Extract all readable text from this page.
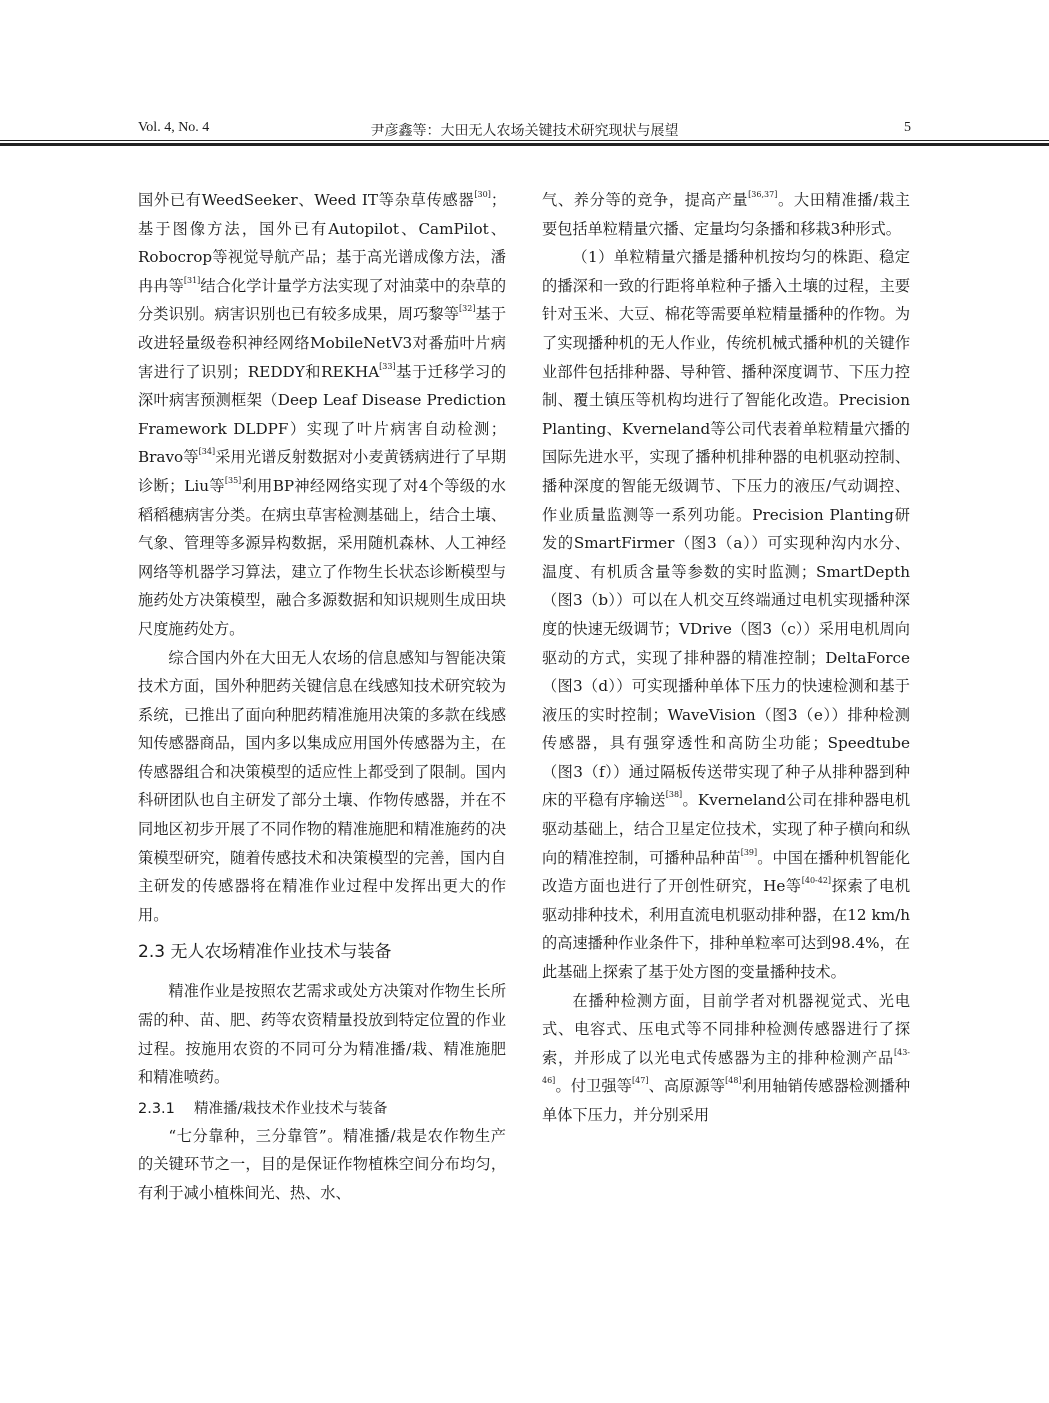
Vol. 4, No. 4	尹彦鑫等：大田无人农场关键技术研究现状与展望	5

国外已有WeedSeeker、Weed IT等杂草传感器[30]；基于图像方法，国外已有Autopilot、CamPilot、Robocrop等视觉导航产品；基于高光谱成像方法，潘冉冉等[31]结合化学计量学方法实现了对油菜中的杂草的分类识别。病害识别也已有较多成果，周巧黎等[32]基于改进轻量级卷积神经网络MobileNetV3对番茄叶片病害进行了识别；REDDY和REKHA[33]基于迁移学习的深叶病害预测框架（Deep Leaf Disease Prediction Framework DLDPF）实现了叶片病害自动检测；Bravo等[34]采用光谱反射数据对小麦黄锈病进行了早期诊断；Liu等[35]利用BP神经网络实现了对4个等级的水稻稻穗病害分类。在病虫草害检测基础上，结合土壤、气象、管理等多源异构数据，采用随机森林、人工神经网络等机器学习算法，建立了作物生长状态诊断模型与施药处方决策模型，融合多源数据和知识规则生成田块尺度施药处方。

综合国内外在大田无人农场的信息感知与智能决策技术方面，国外种肥药关键信息在线感知技术研究较为系统，已推出了面向种肥药精准施用决策的多款在线感知传感器商品，国内多以集成应用国外传感器为主，在传感器组合和决策模型的适应性上都受到了限制。国内科研团队也自主研发了部分土壤、作物传感器，并在不同地区初步开展了不同作物的精准施肥和精准施药的决策模型研究，随着传感技术和决策模型的完善，国内自主研发的传感器将在精准作业过程中发挥出更大的作用。

2.3 无人农场精准作业技术与装备

精准作业是按照农艺需求或处方决策对作物生长所需的种、苗、肥、药等农资精量投放到特定位置的作业过程。按施用农资的不同可分为精准播/栽、精准施肥和精准喷药。

2.3.1 精准播/栽技术作业技术与装备

“七分靠种，三分靠管”。精准播/栽是农作物生产的关键环节之一，目的是保证作物植株空间分布均匀，有利于减小植株间光、热、水、

气、养分等的竞争，提高产量[36,37]。大田精准播/栽主要包括单粒精量穴播、定量均匀条播和移栽3种形式。

（1）单粒精量穴播是播种机按均匀的株距、稳定的播深和一致的行距将单粒种子播入土壤的过程，主要针对玉米、大豆、棉花等需要单粒精量播种的作物。为了实现播种机的无人作业，传统机械式播种机的关键作业部件包括排种器、导种管、播种深度调节、下压力控制、覆土镇压等机构均进行了智能化改造。Precision Planting、Kverneland等公司代表着单粒精量穴播的国际先进水平，实现了播种机排种器的电机驱动控制、播种深度的智能无级调节、下压力的液压/气动调控、作业质量监测等一系列功能。Precision Planting研发的SmartFirmer（图3（a））可实现种沟内水分、温度、有机质含量等参数的实时监测；SmartDepth（图3（b））可以在人机交互终端通过电机实现播种深度的快速无级调节；VDrive（图3（c））采用电机周向驱动的方式，实现了排种器的精准控制；DeltaForce（图3（d））可实现播种单体下压力的快速检测和基于液压的实时控制；WaveVision（图3（e））排种检测传感器，具有强穿透性和高防尘功能；Speedtube（图3（f））通过隔板传送带实现了种子从排种器到种床的平稳有序输送[38]。Kverneland公司在排种器电机驱动基础上，结合卫星定位技术，实现了种子横向和纵向的精准控制，可播种品种苗[39]。中国在播种机智能化改造方面也进行了开创性研究，He等[40-42]探索了电机驱动排种技术，利用直流电机驱动排种器，在12 km/h的高速播种作业条件下，排种单粒率可达到98.4%，在此基础上探索了基于处方图的变量播种技术。

在播种检测方面，目前学者对机器视觉式、光电式、电容式、压电式等不同排种检测传感器进行了探索，并形成了以光电式传感器为主的排种检测产品[43-46]。付卫强等[47]、高原源等[48]利用轴销传感器检测播种单体下压力，并分别采用
